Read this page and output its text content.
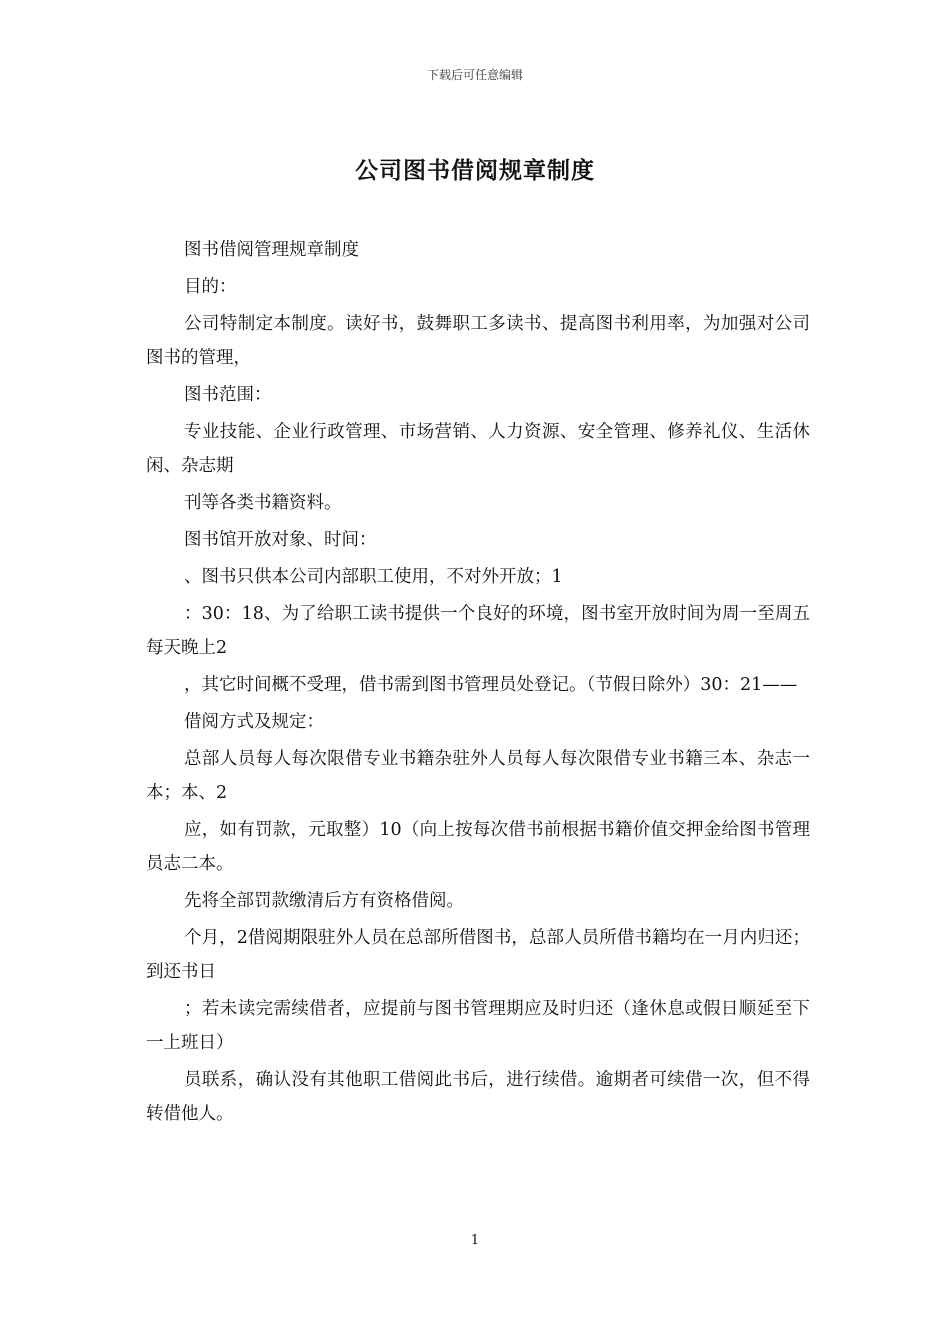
下载后可任意编辑
公司图书借阅规章制度

图书借阅管理规章制度

目的：

公司特制定本制度。读好书，鼓舞职工多读书、提高图书利用率，为加强对公司图书的管理，

图书范围：

专业技能、企业行政管理、市场营销、人力资源、安全管理、修养礼仪、生活休闲、杂志期

刊等各类书籍资料。

图书馆开放对象、时间：

、图书只供本公司内部职工使用，不对外开放；1

：30：18、为了给职工读书提供一个良好的环境，图书室开放时间为周一至周五每天晚上2

，其它时间概不受理，借书需到图书管理员处登记。（节假日除外）30：21——

借阅方式及规定：

总部人员每人每次限借专业书籍杂驻外人员每人每次限借专业书籍三本、杂志一本；本、2

应，如有罚款，元取整）10（向上按每次借书前根据书籍价值交押金给图书管理员志二本。

先将全部罚款缴清后方有资格借阅。

个月，2借阅期限驻外人员在总部所借图书，总部人员所借书籍均在一月内归还；到还书日

；若未读完需续借者，应提前与图书管理期应及时归还（逢休息或假日顺延至下一上班日）

员联系，确认没有其他职工借阅此书后，进行续借。逾期者可续借一次，但不得转借他人。

1
